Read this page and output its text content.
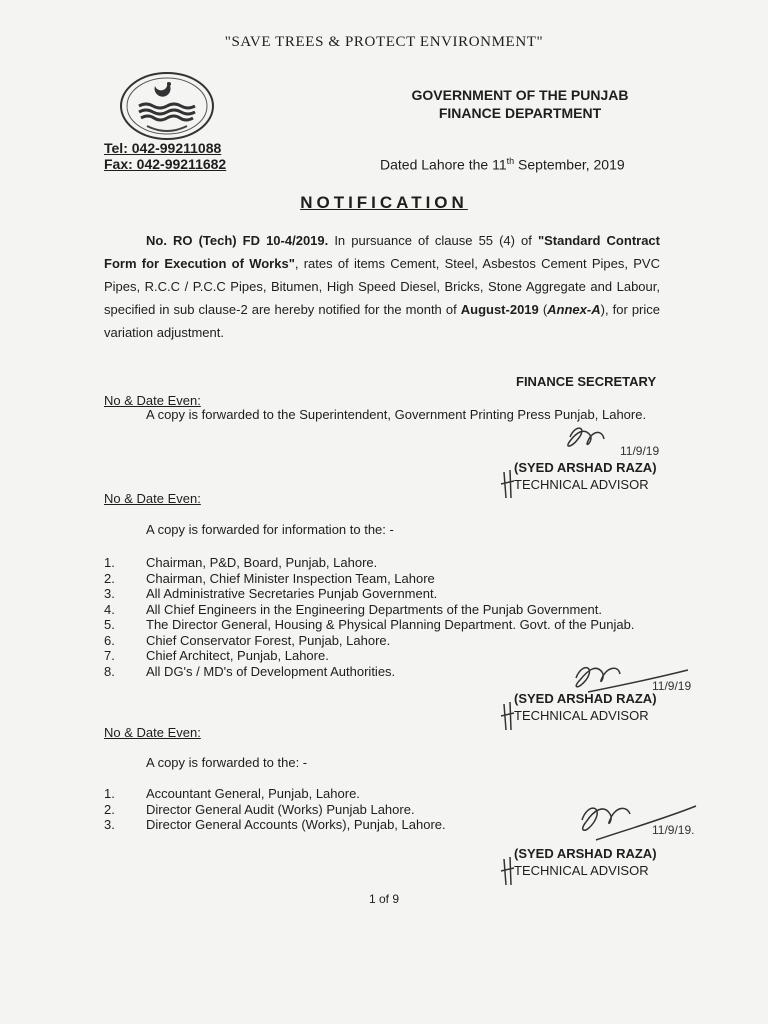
"SAVE TREES & PROTECT ENVIRONMENT"
Tel: 042-99211088
Fax: 042-99211682
GOVERNMENT OF THE PUNJAB
FINANCE DEPARTMENT
Dated Lahore the 11th September, 2019
NOTIFICATION
No. RO (Tech) FD 10-4/2019. In pursuance of clause 55 (4) of "Standard Contract Form for Execution of Works", rates of items Cement, Steel, Asbestos Cement Pipes, PVC Pipes, R.C.C / P.C.C Pipes, Bitumen, High Speed Diesel, Bricks, Stone Aggregate and Labour, specified in sub clause-2 are hereby notified for the month of August-2019 (Annex-A), for price variation adjustment.
FINANCE SECRETARY
No & Date Even:
A copy is forwarded to the Superintendent, Government Printing Press Punjab, Lahore.
11/9/19
(SYED ARSHAD RAZA)
TECHNICAL ADVISOR
No & Date Even:
A copy is forwarded for information to the: -
1.	Chairman, P&D, Board, Punjab, Lahore.
2.	Chairman, Chief Minister Inspection Team, Lahore
3.	All Administrative Secretaries Punjab Government.
4.	All Chief Engineers in the Engineering Departments of the Punjab Government.
5.	The Director General, Housing & Physical Planning Department. Govt. of the Punjab.
6.	Chief Conservator Forest, Punjab, Lahore.
7.	Chief Architect, Punjab, Lahore.
8.	All DG's / MD's of Development Authorities.
11/9/19
(SYED ARSHAD RAZA)
TECHNICAL ADVISOR
No & Date Even:
A copy is forwarded to the: -
1.	Accountant General, Punjab, Lahore.
2.	Director General Audit (Works) Punjab Lahore.
3.	Director General Accounts (Works), Punjab, Lahore.	11/9/19.
(SYED ARSHAD RAZA)
TECHNICAL ADVISOR
1 of 9
